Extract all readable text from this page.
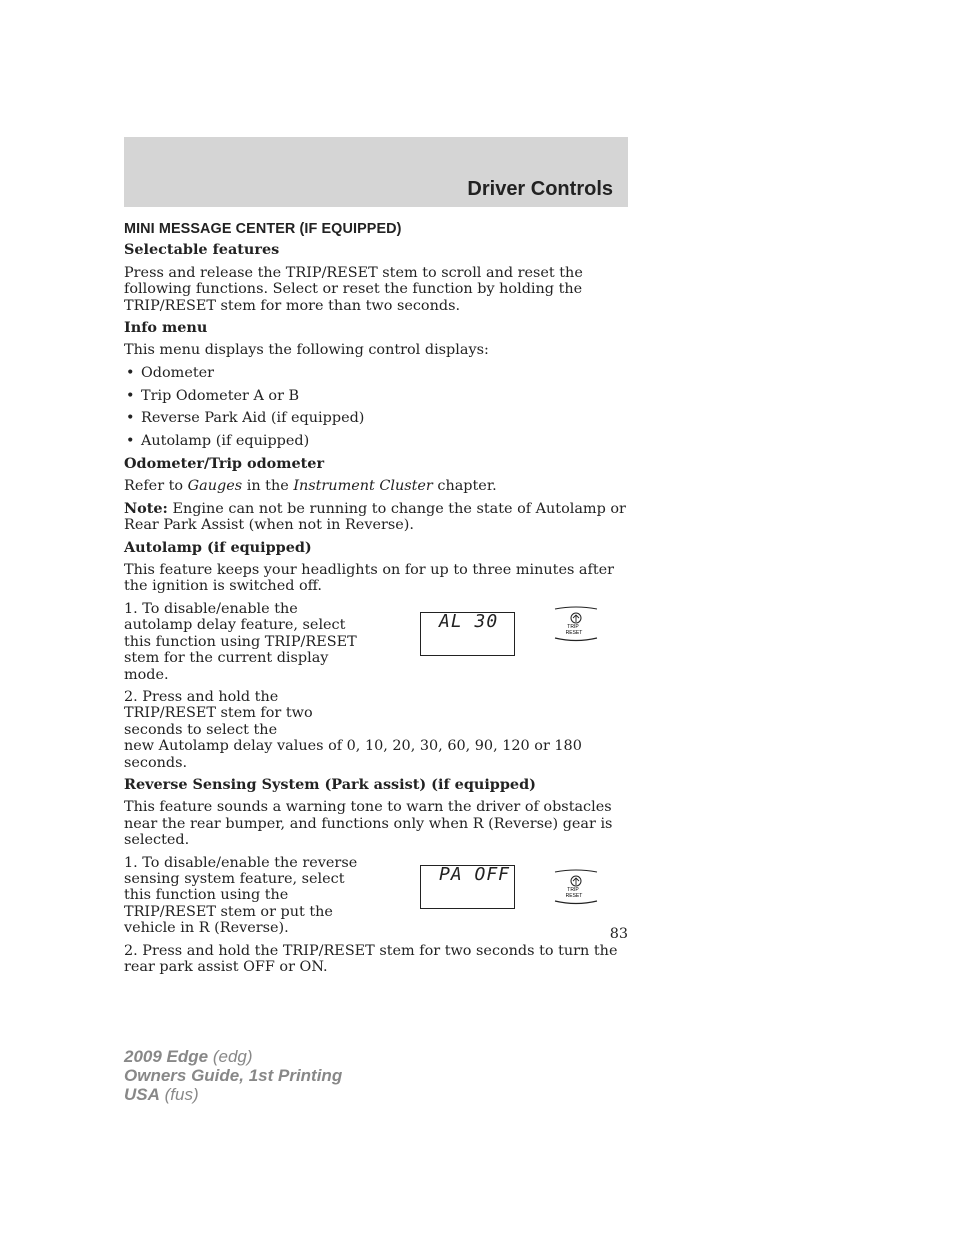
Driver Controls
MINI MESSAGE CENTER (IF EQUIPPED)

Selectable features

Press and release the TRIP/RESET stem to scroll and reset the following functions. Select or reset the function by holding the TRIP/RESET stem for more than two seconds.

Info menu

This menu displays the following control displays:

• Odometer
• Trip Odometer A or B
• Reverse Park Aid (if equipped)
• Autolamp (if equipped)

Odometer/Trip odometer

Refer to Gauges in the Instrument Cluster chapter.

Note: Engine can not be running to change the state of Autolamp or Rear Park Assist (when not in Reverse).

Autolamp (if equipped)

This feature keeps your headlights on for up to three minutes after the ignition is switched off.

1. To disable/enable the autolamp delay feature, select this function using TRIP/RESET stem for the current display mode.

2. Press and hold the TRIP/RESET stem for two seconds to select the
new Autolamp delay values of 0, 10, 20, 30, 60, 90, 120 or 180 seconds.

AL 30	TRIP
RESET

Reverse Sensing System (Park assist) (if equipped)

This feature sounds a warning tone to warn the driver of obstacles near the rear bumper, and functions only when R (Reverse) gear is selected.

1. To disable/enable the reverse sensing system feature, select this function using the TRIP/RESET stem or put the vehicle in R (Reverse).

2. Press and hold the TRIP/RESET stem for two seconds to turn the rear park assist OFF or ON.

PA OFF
TRIP
RESET
83
2009 Edge (edg)
Owners Guide, 1st Printing
USA (fus)
